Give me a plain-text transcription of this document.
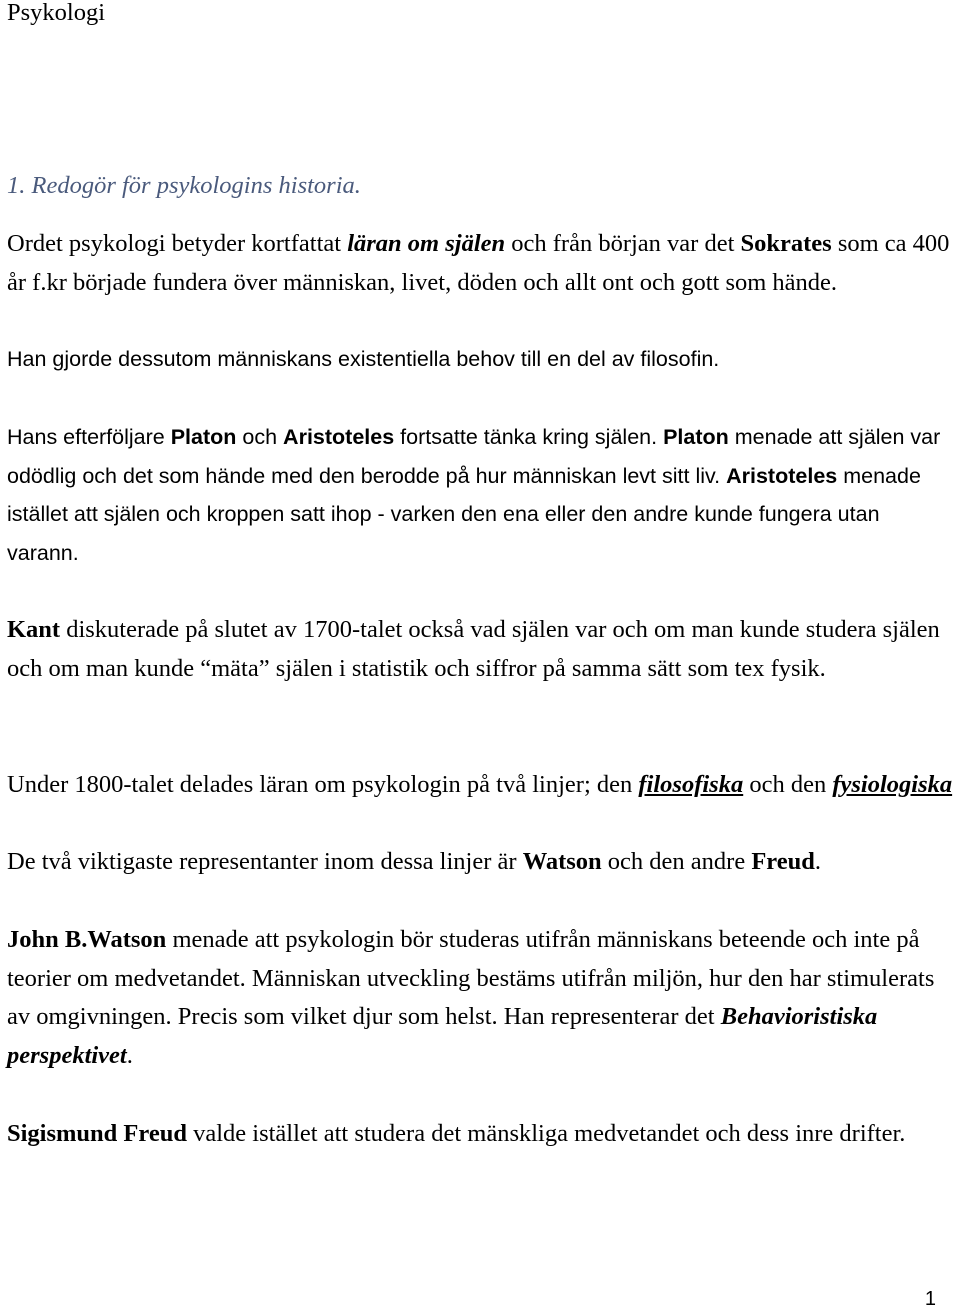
Psykologi

1. Redogör för psykologins historia.

Ordet psykologi betyder kortfattat läran om själen och från början var det Sokrates som ca 400 år f.kr började fundera över människan, livet, döden och allt ont och gott som hände.

Han gjorde dessutom människans existentiella behov till en del av filosofin.

Hans efterföljare Platon och Aristoteles fortsatte tänka kring själen. Platon menade att själen var odödlig och det som hände med den berodde på hur människan levt sitt liv. Aristoteles menade istället att själen och kroppen satt ihop - varken den ena eller den andre kunde fungera utan varann.

Kant diskuterade på slutet av 1700-talet också vad själen var och om man kunde studera själen och om man kunde “mäta” själen i statistik och siffror på samma sätt som tex fysik.

Under 1800-talet delades läran om psykologin på två linjer; den filosofiska och den fysiologiska

De två viktigaste representanter inom dessa linjer är Watson och den andre Freud.

John B.Watson menade att psykologin bör studeras utifrån människans beteende och inte på teorier om medvetandet. Människan utveckling bestäms utifrån miljön, hur den har stimulerats av omgivningen. Precis som vilket djur som helst. Han representerar det Behavioristiska perspektivet.

Sigismund Freud valde istället att studera det mänskliga medvetandet och dess inre drifter.

1
